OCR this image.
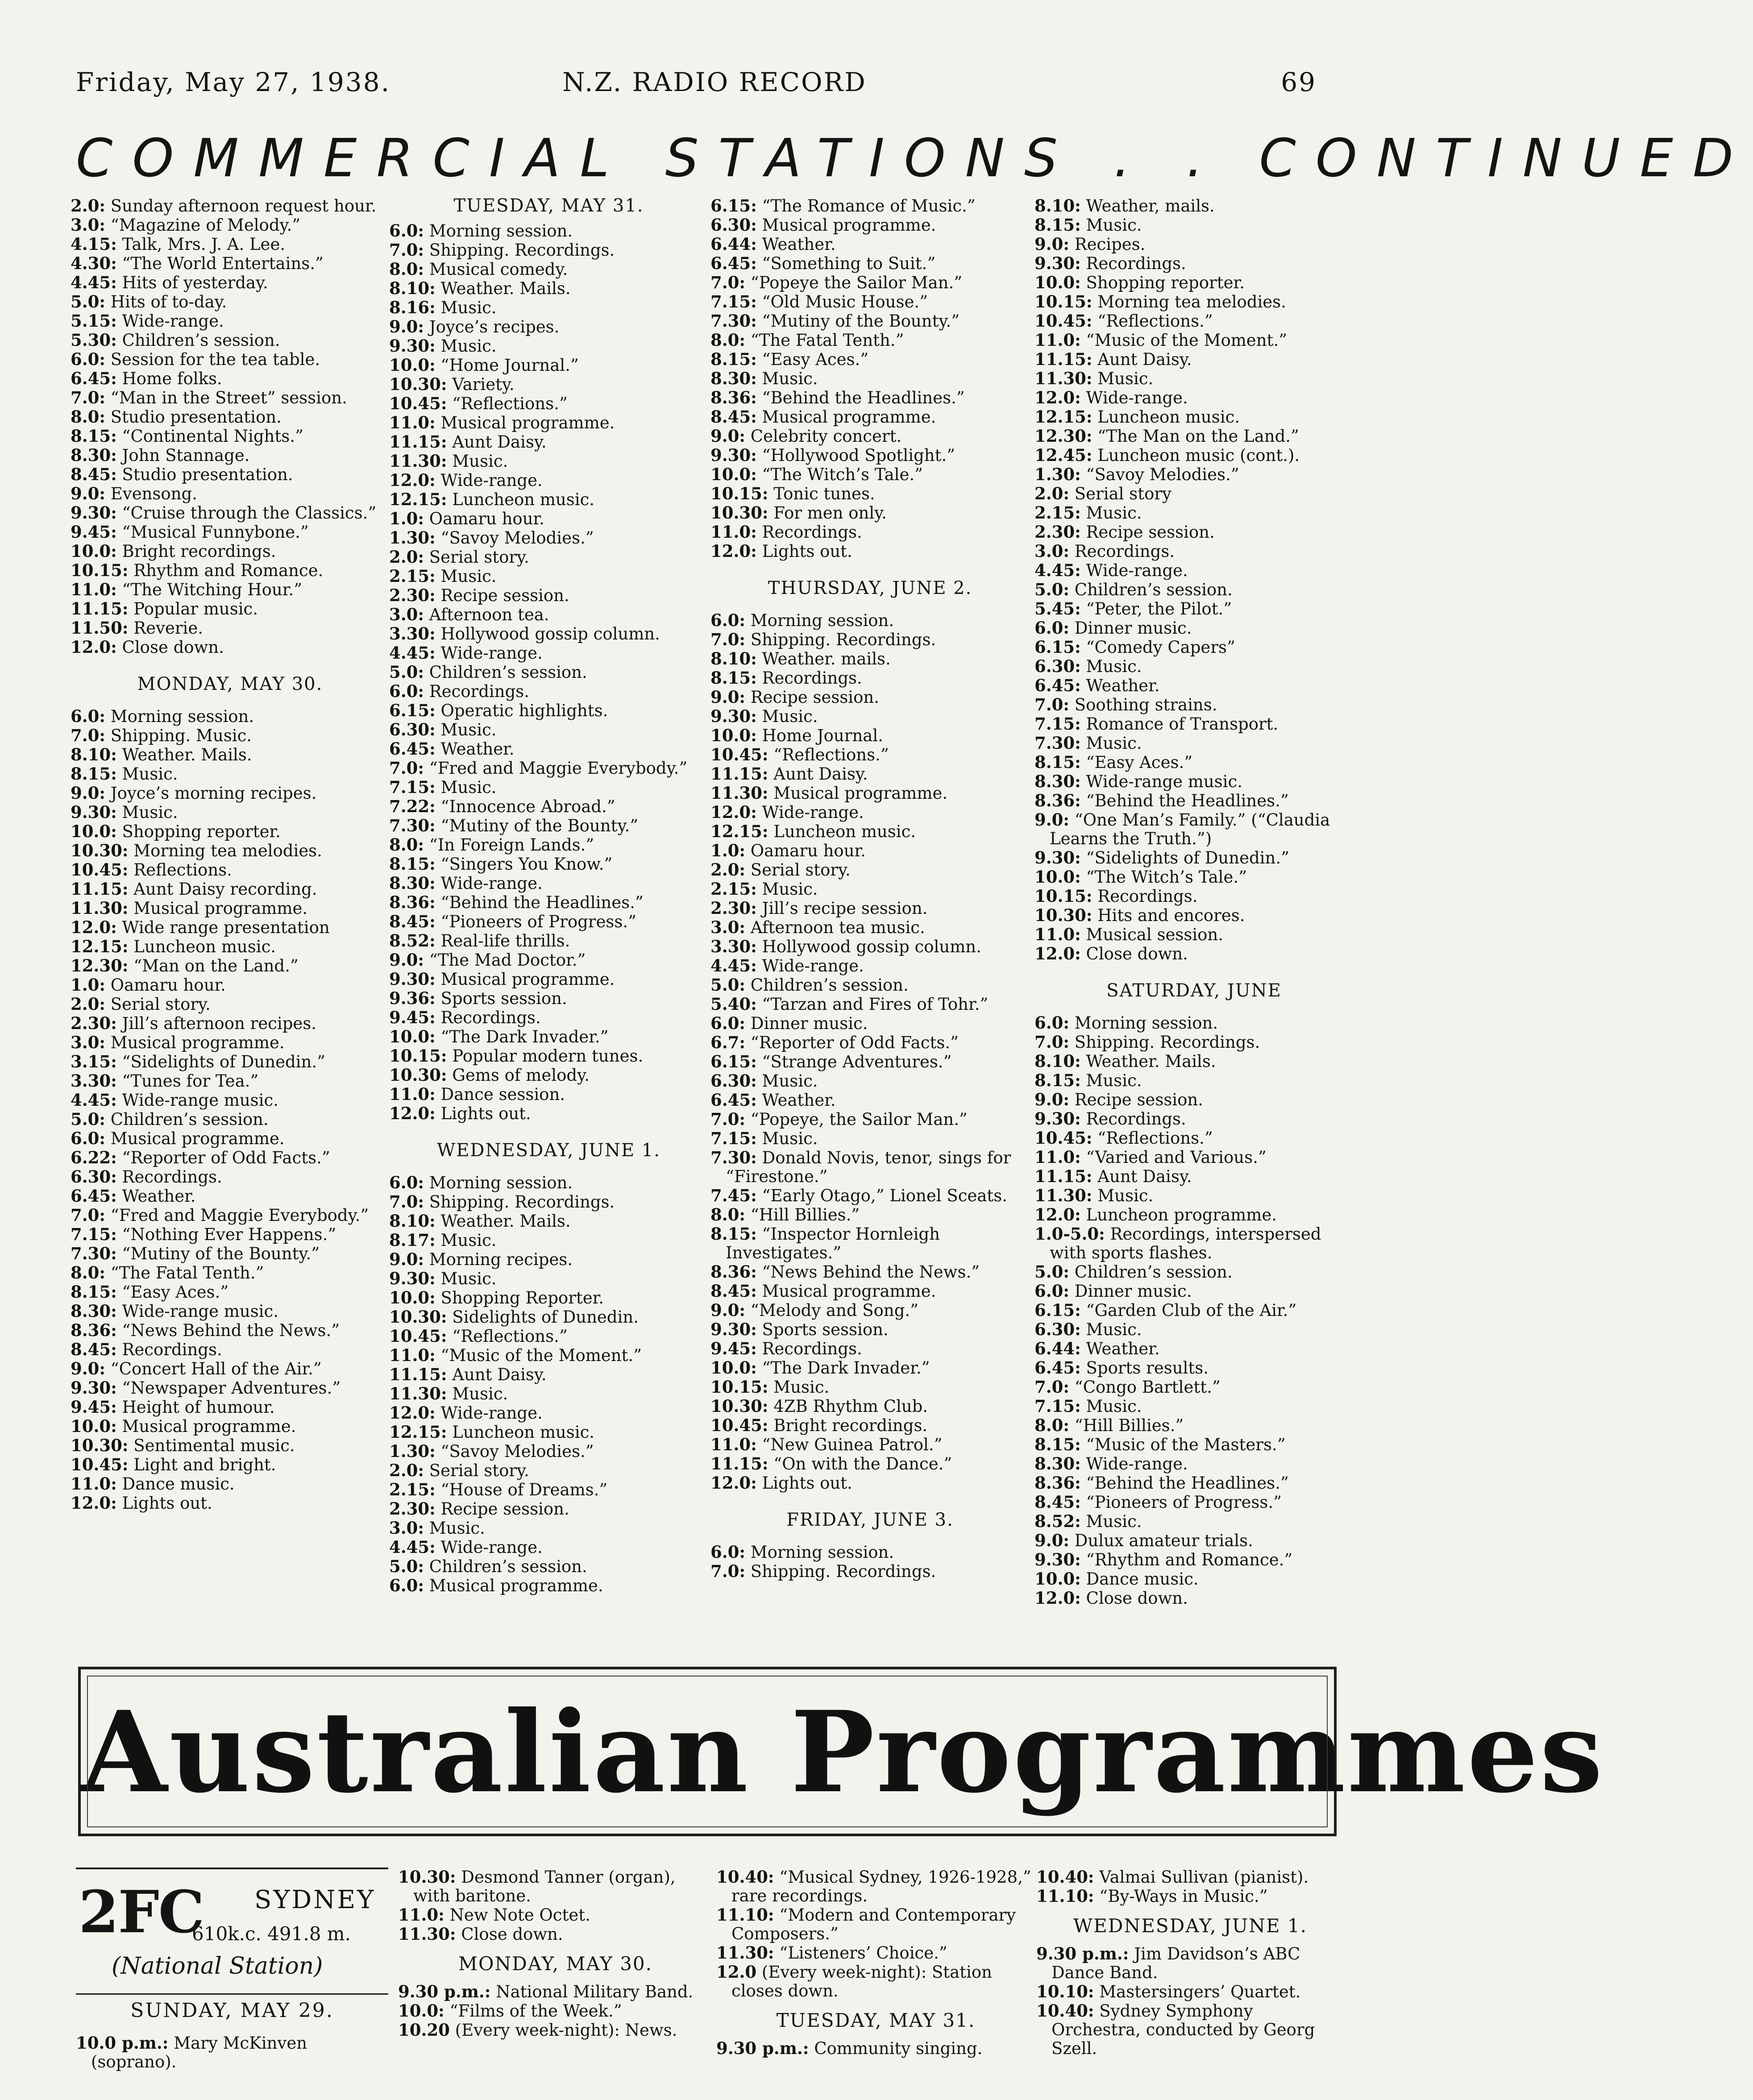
Friday, May 27, 1938.	N.Z. RADIO RECORD	69
COMMERCIAL STATIONS . . CONTINUED
2.0: Sunday afternoon request hour.
3.0: “Magazine of Melody.”
4.15: Talk, Mrs. J. A. Lee.
4.30: “The World Entertains.”
4.45: Hits of yesterday.
5.0: Hits of to-day.
5.15: Wide-range.
5.30: Children’s session.
6.0: Session for the tea table.
6.45: Home folks.
7.0: “Man in the Street” session.
8.0: Studio presentation.
8.15: “Continental Nights.”
8.30: John Stannage.
8.45: Studio presentation.
9.0: Evensong.
9.30: “Cruise through the Classics.”
9.45: “Musical Funnybone.”
10.0: Bright recordings.
10.15: Rhythm and Romance.
11.0: “The Witching Hour.”
11.15: Popular music.
11.50: Reverie.
12.0: Close down.
MONDAY, MAY 30.
6.0: Morning session.
7.0: Shipping. Music.
8.10: Weather. Mails.
8.15: Music.
9.0: Joyce’s morning recipes.
9.30: Music.
10.0: Shopping reporter.
10.30: Morning tea melodies.
10.45: Reflections.
11.15: Aunt Daisy recording.
11.30: Musical programme.
12.0: Wide range presentation
12.15: Luncheon music.
12.30: “Man on the Land.”
1.0: Oamaru hour.
2.0: Serial story.
2.30: Jill’s afternoon recipes.
3.0: Musical programme.
3.15: “Sidelights of Dunedin.”
3.30: “Tunes for Tea.”
4.45: Wide-range music.
5.0: Children’s session.
6.0: Musical programme.
6.22: “Reporter of Odd Facts.”
6.30: Recordings.
6.45: Weather.
7.0: “Fred and Maggie Everybody.”
7.15: “Nothing Ever Happens.”
7.30: “Mutiny of the Bounty.”
8.0: “The Fatal Tenth.”
8.15: “Easy Aces.”
8.30: Wide-range music.
8.36: “News Behind the News.”
8.45: Recordings.
9.0: “Concert Hall of the Air.”
9.30: “Newspaper Adventures.”
9.45: Height of humour.
10.0: Musical programme.
10.30: Sentimental music.
10.45: Light and bright.
11.0: Dance music.
12.0: Lights out.
TUESDAY, MAY 31.
6.0: Morning session.
7.0: Shipping. Recordings.
8.0: Musical comedy.
8.10: Weather. Mails.
8.16: Music.
9.0: Joyce’s recipes.
9.30: Music.
10.0: “Home Journal.”
10.30: Variety.
10.45: “Reflections.”
11.0: Musical programme.
11.15: Aunt Daisy.
11.30: Music.
12.0: Wide-range.
12.15: Luncheon music.
1.0: Oamaru hour.
1.30: “Savoy Melodies.”
2.0: Serial story.
2.15: Music.
2.30: Recipe session.
3.0: Afternoon tea.
3.30: Hollywood gossip column.
4.45: Wide-range.
5.0: Children’s session.
6.0: Recordings.
6.15: Operatic highlights.
6.30: Music.
6.45: Weather.
7.0: “Fred and Maggie Everybody.”
7.15: Music.
7.22: “Innocence Abroad.”
7.30: “Mutiny of the Bounty.”
8.0: “In Foreign Lands.”
8.15: “Singers You Know.”
8.30: Wide-range.
8.36: “Behind the Headlines.”
8.45: “Pioneers of Progress.”
8.52: Real-life thrills.
9.0: “The Mad Doctor.”
9.30: Musical programme.
9.36: Sports session.
9.45: Recordings.
10.0: “The Dark Invader.”
10.15: Popular modern tunes.
10.30: Gems of melody.
11.0: Dance session.
12.0: Lights out.
WEDNESDAY, JUNE 1.
6.0: Morning session.
7.0: Shipping. Recordings.
8.10: Weather. Mails.
8.17: Music.
9.0: Morning recipes.
9.30: Music.
10.0: Shopping Reporter.
10.30: Sidelights of Dunedin.
10.45: “Reflections.”
11.0: “Music of the Moment.”
11.15: Aunt Daisy.
11.30: Music.
12.0: Wide-range.
12.15: Luncheon music.
1.30: “Savoy Melodies.”
2.0: Serial story.
2.15: “House of Dreams.”
2.30: Recipe session.
3.0: Music.
4.45: Wide-range.
5.0: Children’s session.
6.0: Musical programme.
6.15: “The Romance of Music.”
6.30: Musical programme.
6.44: Weather.
6.45: “Something to Suit.”
7.0: “Popeye the Sailor Man.”
7.15: “Old Music House.”
7.30: “Mutiny of the Bounty.”
8.0: “The Fatal Tenth.”
8.15: “Easy Aces.”
8.30: Music.
8.36: “Behind the Headlines.”
8.45: Musical programme.
9.0: Celebrity concert.
9.30: “Hollywood Spotlight.”
10.0: “The Witch’s Tale.”
10.15: Tonic tunes.
10.30: For men only.
11.0: Recordings.
12.0: Lights out.
THURSDAY, JUNE 2.
6.0: Morning session.
7.0: Shipping. Recordings.
8.10: Weather. mails.
8.15: Recordings.
9.0: Recipe session.
9.30: Music.
10.0: Home Journal.
10.45: “Reflections.”
11.15: Aunt Daisy.
11.30: Musical programme.
12.0: Wide-range.
12.15: Luncheon music.
1.0: Oamaru hour.
2.0: Serial story.
2.15: Music.
2.30: Jill’s recipe session.
3.0: Afternoon tea music.
3.30: Hollywood gossip column.
4.45: Wide-range.
5.0: Children’s session.
5.40: “Tarzan and Fires of Tohr.”
6.0: Dinner music.
6.7: “Reporter of Odd Facts.”
6.15: “Strange Adventures.”
6.30: Music.
6.45: Weather.
7.0: “Popeye, the Sailor Man.”
7.15: Music.
7.30: Donald Novis, tenor, sings for “Firestone.”
7.45: “Early Otago,” Lionel Sceats.
8.0: “Hill Billies.”
8.15: “Inspector Hornleigh Investigates.”
8.36: “News Behind the News.”
8.45: Musical programme.
9.0: “Melody and Song.”
9.30: Sports session.
9.45: Recordings.
10.0: “The Dark Invader.”
10.15: Music.
10.30: 4ZB Rhythm Club.
10.45: Bright recordings.
11.0: “New Guinea Patrol.”
11.15: “On with the Dance.”
12.0: Lights out.
FRIDAY, JUNE 3.
6.0: Morning session.
7.0: Shipping. Recordings.
8.10: Weather, mails.
8.15: Music.
9.0: Recipes.
9.30: Recordings.
10.0: Shopping reporter.
10.15: Morning tea melodies.
10.45: “Reflections.”
11.0: “Music of the Moment.”
11.15: Aunt Daisy.
11.30: Music.
12.0: Wide-range.
12.15: Luncheon music.
12.30: “The Man on the Land.”
12.45: Luncheon music (cont.).
1.30: “Savoy Melodies.”
2.0: Serial story
2.15: Music.
2.30: Recipe session.
3.0: Recordings.
4.45: Wide-range.
5.0: Children’s session.
5.45: “Peter, the Pilot.”
6.0: Dinner music.
6.15: “Comedy Capers”
6.30: Music.
6.45: Weather.
7.0: Soothing strains.
7.15: Romance of Transport.
7.30: Music.
8.15: “Easy Aces.”
8.30: Wide-range music.
8.36: “Behind the Headlines.”
9.0: “One Man’s Family.” (“Claudia Learns the Truth.”)
9.30: “Sidelights of Dunedin.”
10.0: “The Witch’s Tale.”
10.15: Recordings.
10.30: Hits and encores.
11.0: Musical session.
12.0: Close down.
SATURDAY, JUNE
6.0: Morning session.
7.0: Shipping. Recordings.
8.10: Weather. Mails.
8.15: Music.
9.0: Recipe session.
9.30: Recordings.
10.45: “Reflections.”
11.0: “Varied and Various.”
11.15: Aunt Daisy.
11.30: Music.
12.0: Luncheon programme.
1.0-5.0: Recordings, interspersed with sports flashes.
5.0: Children’s session.
6.0: Dinner music.
6.15: “Garden Club of the Air.”
6.30: Music.
6.44: Weather.
6.45: Sports results.
7.0: “Congo Bartlett.”
7.15: Music.
8.0: “Hill Billies.”
8.15: “Music of the Masters.”
8.30: Wide-range.
8.36: “Behind the Headlines.”
8.45: “Pioneers of Progress.”
8.52: Music.
9.0: Dulux amateur trials.
9.30: “Rhythm and Romance.”
10.0: Dance music.
12.0: Close down.
Australian Programmes
2FC SYDNEY
610k.c. 491.8 m.
(National Station)
SUNDAY, MAY 29.
10.0 p.m.: Mary McKinven (soprano).
10.30: Desmond Tanner (organ), with baritone.
11.0: New Note Octet.
11.30: Close down.
MONDAY, MAY 30.
9.30 p.m.: National Military Band.
10.0: “Films of the Week.”
10.20 (Every week-night): News.
10.40: “Musical Sydney, 1926-1928,” rare recordings.
11.10: “Modern and Contemporary Composers.”
11.30: “Listeners’ Choice.”
12.0 (Every week-night): Station closes down.
TUESDAY, MAY 31.
9.30 p.m.: Community singing.
10.40: Valmai Sullivan (pianist).
11.10: “By-Ways in Music.”
WEDNESDAY, JUNE 1.
9.30 p.m.: Jim Davidson’s ABC Dance Band.
10.10: Mastersingers’ Quartet.
10.40: Sydney Symphony Orchestra, conducted by Georg Szell.
